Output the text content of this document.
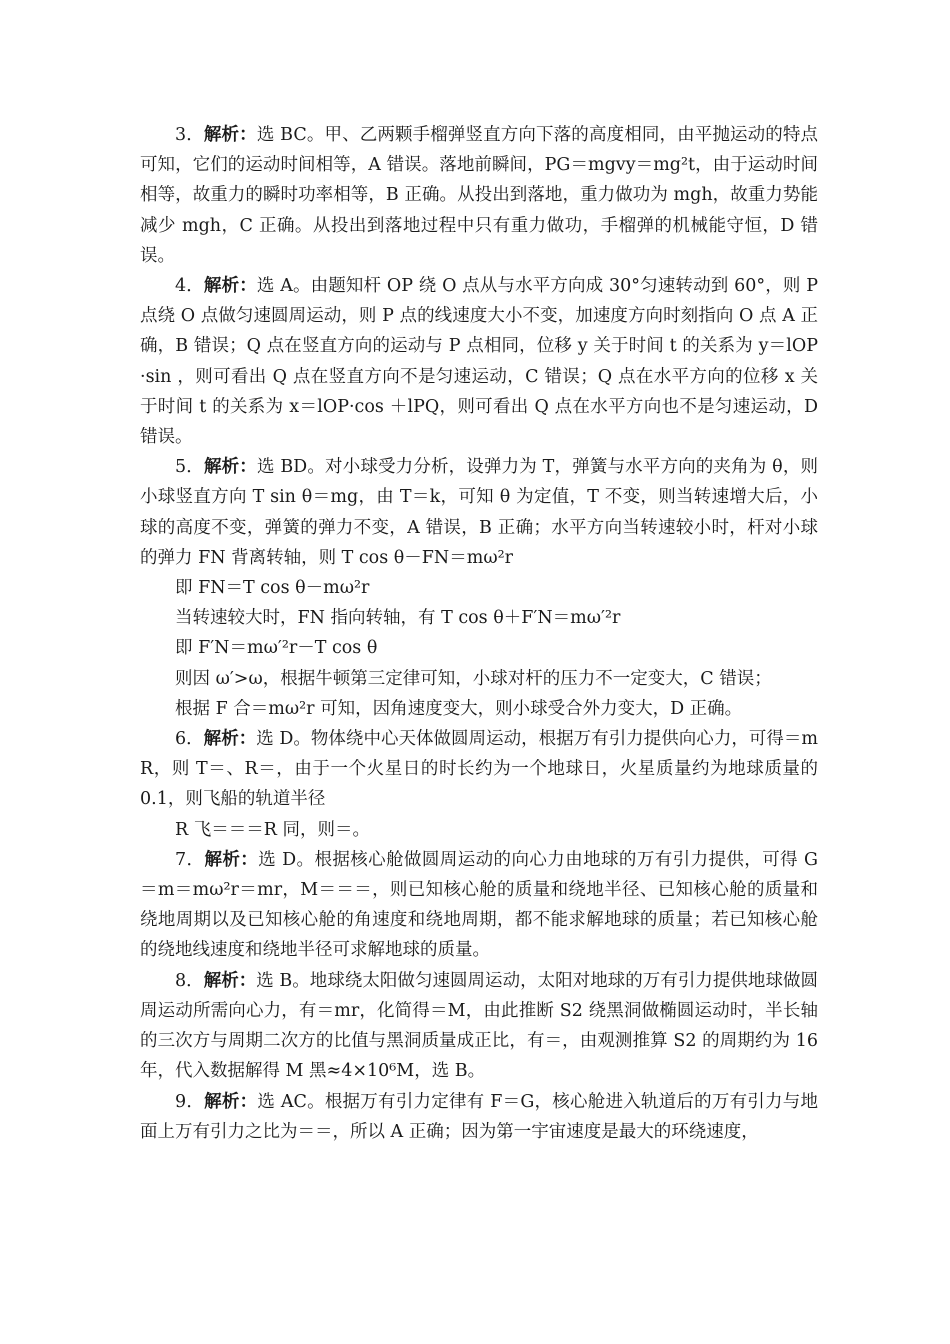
3．解析：选 BC。甲、乙两颗手榴弹竖直方向下落的高度相同，由平抛运动的特点可知，它们的运动时间相等，A 错误。落地前瞬间，PG＝mgvy＝mg²t，由于运动时间相等，故重力的瞬时功率相等，B 正确。从投出到落地，重力做功为 mgh，故重力势能减少 mgh，C 正确。从投出到落地过程中只有重力做功，手榴弹的机械能守恒，D 错误。

4．解析：选 A。由题知杆 OP 绕 O 点从与水平方向成 30°匀速转动到 60°，则 P 点绕 O 点做匀速圆周运动，则 P 点的线速度大小不变，加速度方向时刻指向 O 点 A 正确，B 错误；Q 点在竖直方向的运动与 P 点相同，位移 y 关于时间 t 的关系为 y＝lOP·sin ，则可看出 Q 点在竖直方向不是匀速运动，C 错误；Q 点在水平方向的位移 x 关于时间 t 的关系为 x＝lOP·cos ＋lPQ，则可看出 Q 点在水平方向也不是匀速运动，D 错误。

5．解析：选 BD。对小球受力分析，设弹力为 T，弹簧与水平方向的夹角为 θ，则小球竖直方向 T sin θ＝mg，由 T＝k，可知 θ 为定值，T 不变，则当转速增大后，小球的高度不变，弹簧的弹力不变，A 错误，B 正确；水平方向当转速较小时，杆对小球的弹力 FN 背离转轴，则 T cos θ－FN＝mω²r

即 FN＝T cos θ－mω²r

当转速较大时，FN 指向转轴，有 T cos θ＋F′N＝mω′²r

即 F′N＝mω′²r－T cos θ

则因 ω′>ω，根据牛顿第三定律可知，小球对杆的压力不一定变大，C 错误；

根据 F 合＝mω²r 可知，因角速度变大，则小球受合外力变大，D 正确。

6．解析：选 D。物体绕中心天体做圆周运动，根据万有引力提供向心力，可得＝mR，则 T＝、R＝，由于一个火星日的时长约为一个地球日，火星质量约为地球质量的 0.1，则飞船的轨道半径

R 飞＝＝＝R 同，则＝。

7．解析：选 D。根据核心舱做圆周运动的向心力由地球的万有引力提供，可得 G＝m＝mω²r＝mr，M＝＝＝，则已知核心舱的质量和绕地半径、已知核心舱的质量和绕地周期以及已知核心舱的角速度和绕地周期，都不能求解地球的质量；若已知核心舱的绕地线速度和绕地半径可求解地球的质量。

8．解析：选 B。地球绕太阳做匀速圆周运动，太阳对地球的万有引力提供地球做圆周运动所需向心力，有＝mr，化简得＝M，由此推断 S2 绕黑洞做椭圆运动时，半长轴的三次方与周期二次方的比值与黑洞质量成正比，有＝，由观测推算 S2 的周期约为 16 年，代入数据解得 M 黑≈4×10⁶M，选 B。

9．解析：选 AC。根据万有引力定律有 F＝G，核心舱进入轨道后的万有引力与地面上万有引力之比为＝＝，所以 A 正确；因为第一宇宙速度是最大的环绕速度，
